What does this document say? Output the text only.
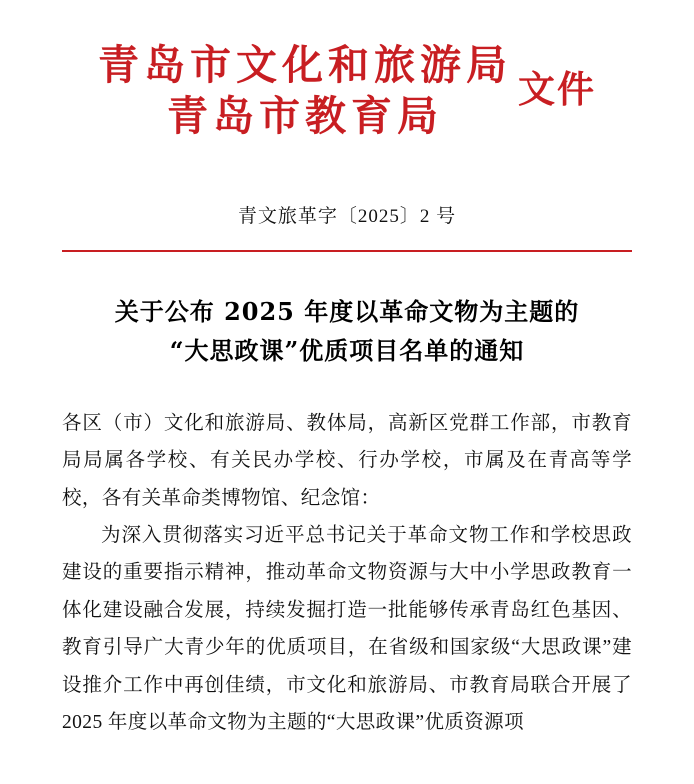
青岛市文化和旅游局
青岛市教育局
文件
青文旅革字〔2025〕2 号
关于公布 2025 年度以革命文物为主题的
“大思政课”优质项目名单的通知

各区（市）文化和旅游局、教体局，高新区党群工作部，市教育局局属各学校、有关民办学校、行办学校，市属及在青高等学校，各有关革命类博物馆、纪念馆：

为深入贯彻落实习近平总书记关于革命文物工作和学校思政建设的重要指示精神，推动革命文物资源与大中小学思政教育一体化建设融合发展，持续发掘打造一批能够传承青岛红色基因、教育引导广大青少年的优质项目，在省级和国家级“大思政课”建设推介工作中再创佳绩，市文化和旅游局、市教育局联合开展了 2025 年度以革命文物为主题的“大思政课”优质资源项
